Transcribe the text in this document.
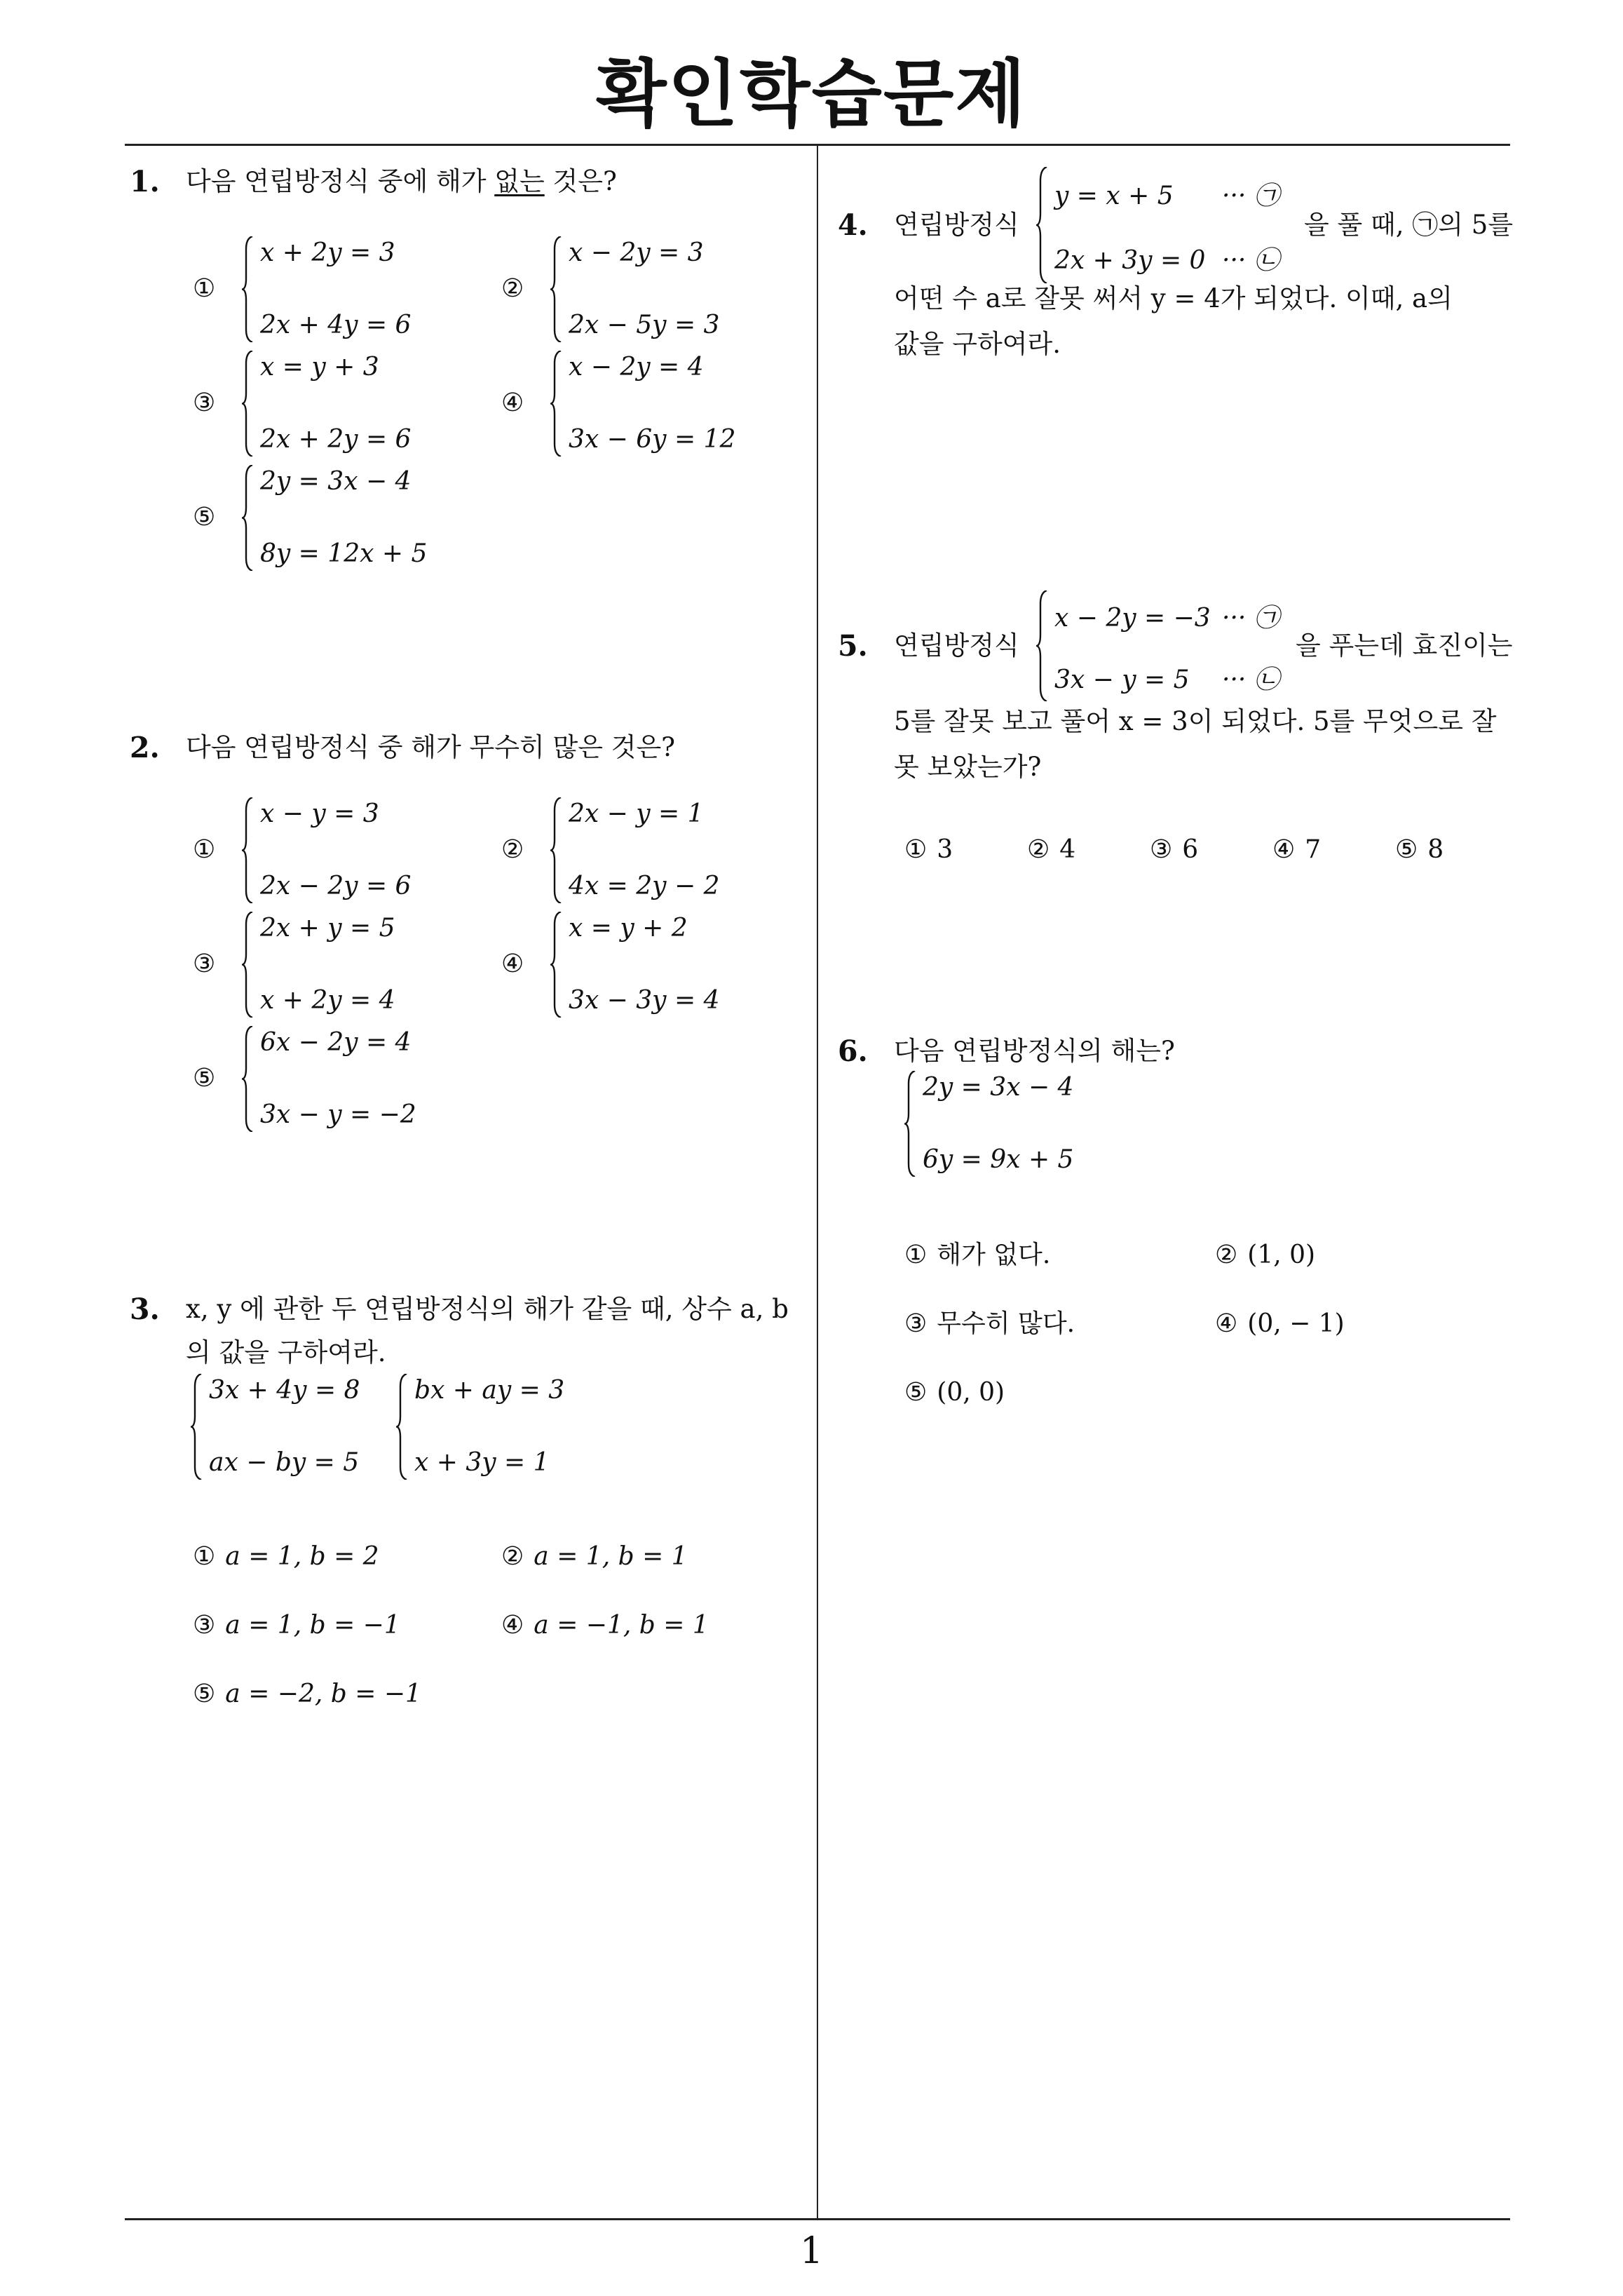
확인학습문제
1
1. 다음 연립방정식 중에 해가 없는 것은?
①
x + 2y = 3
2x + 4y = 6
②
x − 2y = 3
2x − 5y = 3
③
x = y + 3
2x + 2y = 6
④
x − 2y = 4
3x − 6y = 12
⑤
2y = 3x − 4
8y = 12x + 5
2. 다음 연립방정식 중 해가 무수히 많은 것은?
①
x − y = 3
2x − 2y = 6
②
2x − y = 1
4x = 2y − 2
③
2x + y = 5
x + 2y = 4
④
x = y + 2
3x − 3y = 4
⑤
6x − 2y = 4
3x − y = −2
3. x, y 에 관한 두 연립방정식의 해가 같을 때, 상수 a, b
의 값을 구하여라.
3x + 4y = 8
ax − by = 5
bx + ay = 3
x + 3y = 1
① a = 1, b = 2	② a = 1, b = 1
③ a = 1, b = −1	④ a = −1, b = 1
⑤ a = −2, b = −1
4. 연립방정식
y = x + 5
2x + 3y = 0
··· ㉠
··· ㉡
을 풀 때, ㉠의 5를
어떤 수 a로 잘못 써서 y = 4가 되었다. 이때, a의
값을 구하여라.
5. 연립방정식
x − 2y = −3
3x − y = 5
··· ㉠
··· ㉡
을 푸는데 효진이는
5를 잘못 보고 풀어 x = 3이 되었다. 5를 무엇으로 잘
못 보았는가?
① 3	② 4	③ 6	④ 7	⑤ 8
6. 다음 연립방정식의 해는?
2y = 3x − 4
6y = 9x + 5
① 해가 없다.	② (1, 0)
③ 무수히 많다.	④ (0, − 1)
⑤ (0, 0)
